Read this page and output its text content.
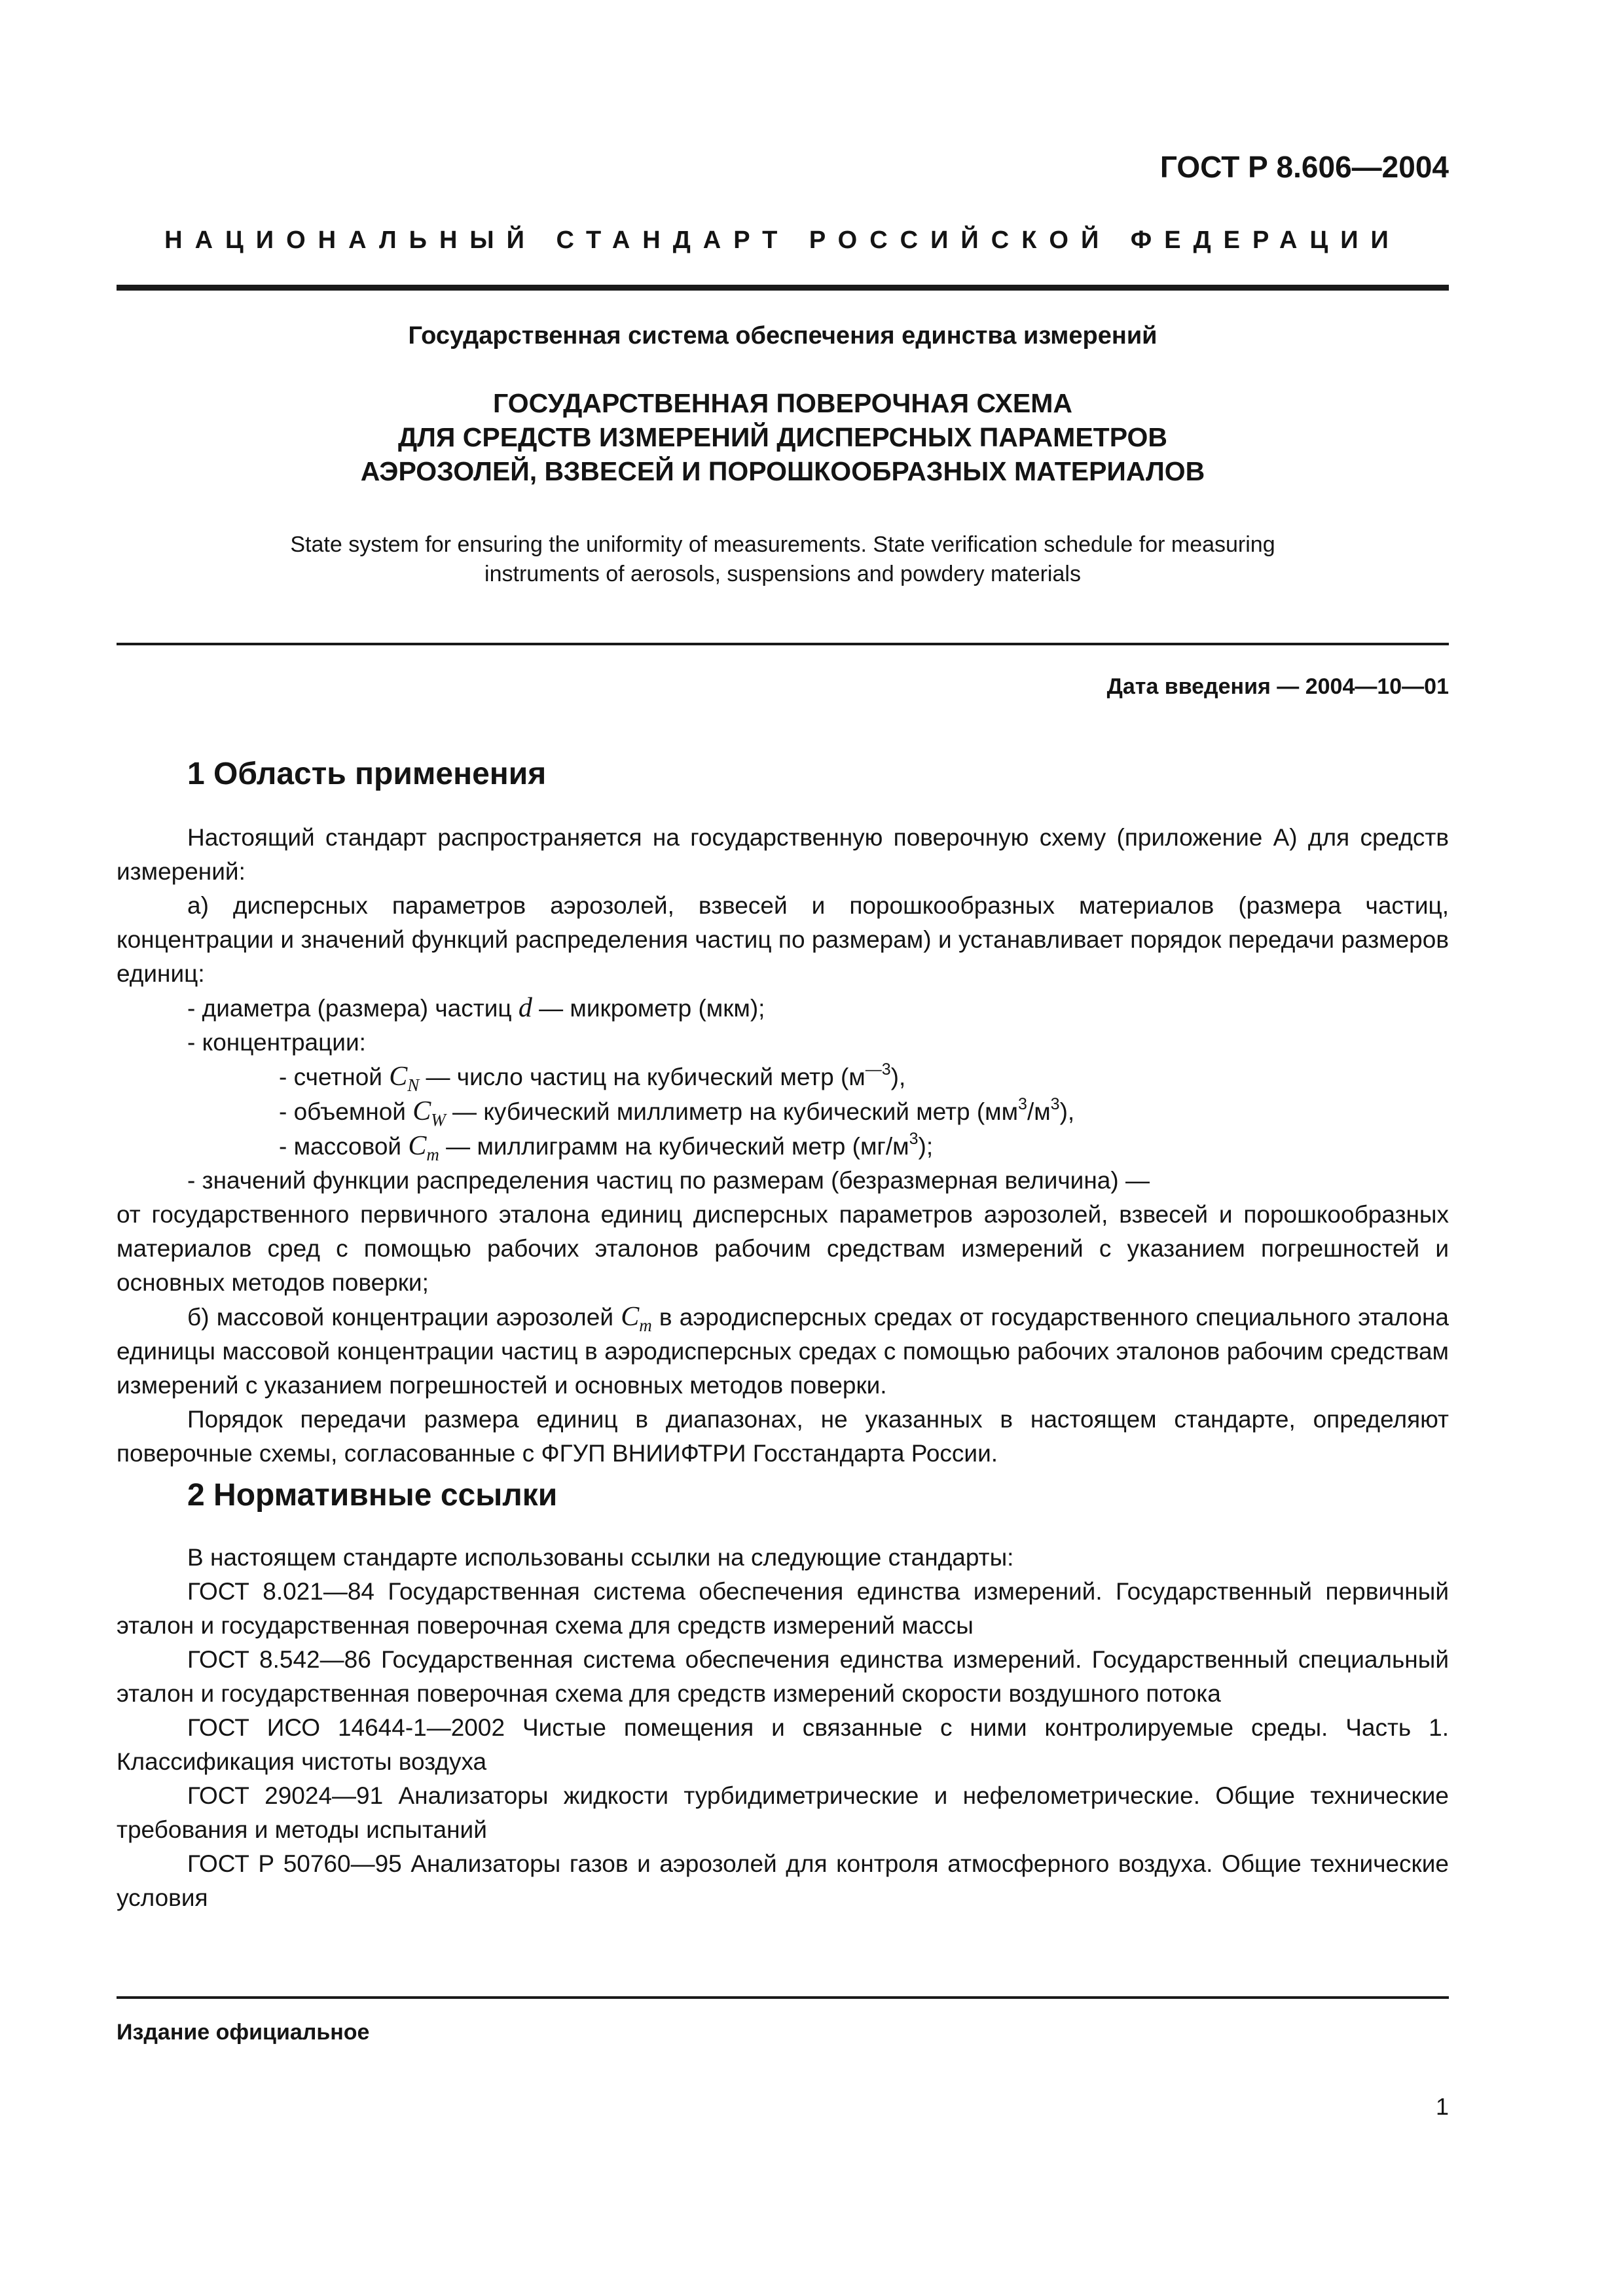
ГОСТ Р 8.606—2004
НАЦИОНАЛЬНЫЙ СТАНДАРТ РОССИЙСКОЙ ФЕДЕРАЦИИ
Государственная система обеспечения единства измерений
ГОСУДАРСТВЕННАЯ ПОВЕРОЧНАЯ СХЕМА
ДЛЯ СРЕДСТВ ИЗМЕРЕНИЙ ДИСПЕРСНЫХ ПАРАМЕТРОВ
АЭРОЗОЛЕЙ, ВЗВЕСЕЙ И ПОРОШКООБРАЗНЫХ МАТЕРИАЛОВ
State system for ensuring the uniformity of measurements. State verification schedule for measuring
instruments of aerosols, suspensions and powdery materials
Дата введения — 2004—10—01
1 Область применения

Настоящий стандарт распространяется на государственную поверочную схему (приложение А) для средств измерений:

а) дисперсных параметров аэрозолей, взвесей и порошкообразных материалов (размера частиц, концентрации и значений функций распределения частиц по размерам) и устанавливает порядок передачи размеров единиц:

- диаметра (размера) частиц d — микрометр (мкм);

- концентрации:

- счетной $C_N$ — число частиц на кубический метр $(м^{—3})$,

- объемной $C_W$ — кубический миллиметр на кубический метр $(мм^3/м^3)$,

- массовой $C_m$ — миллиграмм на кубический метр $(мг/м^3)$;

- значений функции распределения частиц по размерам (безразмерная величина) —

от государственного первичного эталона единиц дисперсных параметров аэрозолей, взвесей и порошкообразных материалов сред с помощью рабочих эталонов рабочим средствам измерений с указанием погрешностей и основных методов поверки;

б) массовой концентрации аэрозолей $C_m$ в аэродисперсных средах от государственного специального эталона единицы массовой концентрации частиц в аэродисперсных средах с помощью рабочих эталонов рабочим средствам измерений с указанием погрешностей и основных методов поверки.

Порядок передачи размера единиц в диапазонах, не указанных в настоящем стандарте, определяют поверочные схемы, согласованные с ФГУП ВНИИФТРИ Госстандарта России.

2 Нормативные ссылки

В настоящем стандарте использованы ссылки на следующие стандарты:

ГОСТ 8.021—84 Государственная система обеспечения единства измерений. Государственный первичный эталон и государственная поверочная схема для средств измерений массы

ГОСТ 8.542—86 Государственная система обеспечения единства измерений. Государственный специальный эталон и государственная поверочная схема для средств измерений скорости воздушного потока

ГОСТ ИСО 14644-1—2002 Чистые помещения и связанные с ними контролируемые среды. Часть 1. Классификация чистоты воздуха

ГОСТ 29024—91 Анализаторы жидкости турбидиметрические и нефелометрические. Общие технические требования и методы испытаний

ГОСТ Р 50760—95 Анализаторы газов и аэрозолей для контроля атмосферного воздуха. Общие технические условия

Издание официальное
1
